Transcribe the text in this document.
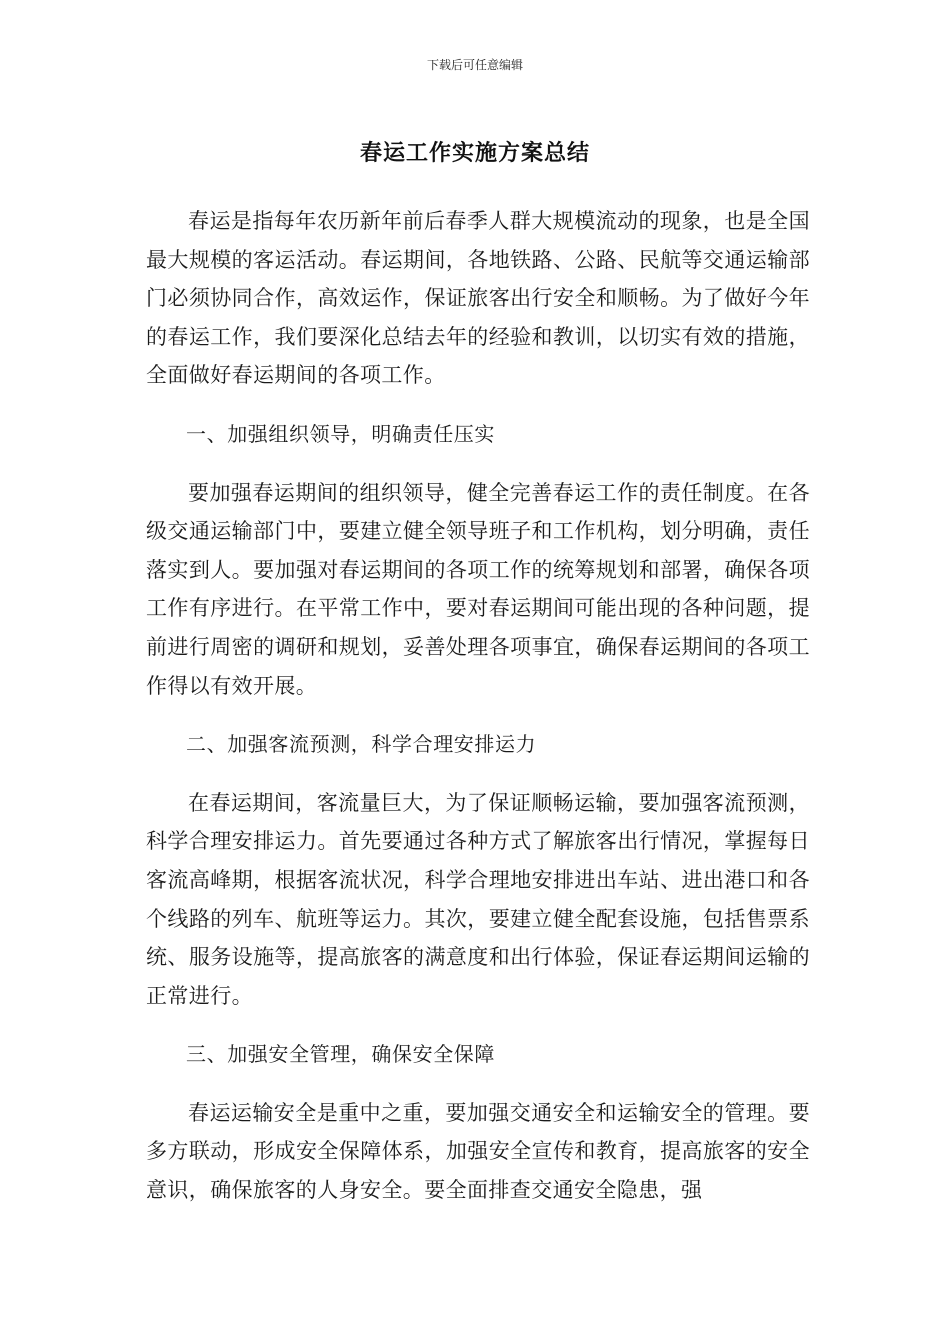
下载后可任意编辑
春运工作实施方案总结

春运是指每年农历新年前后春季人群大规模流动的现象，也是全国最大规模的客运活动。春运期间，各地铁路、公路、民航等交通运输部门必须协同合作，高效运作，保证旅客出行安全和顺畅。为了做好今年的春运工作，我们要深化总结去年的经验和教训，以切实有效的措施，全面做好春运期间的各项工作。

一、加强组织领导，明确责任压实

要加强春运期间的组织领导，健全完善春运工作的责任制度。在各级交通运输部门中，要建立健全领导班子和工作机构，划分明确，责任落实到人。要加强对春运期间的各项工作的统筹规划和部署，确保各项工作有序进行。在平常工作中，要对春运期间可能出现的各种问题，提前进行周密的调研和规划，妥善处理各项事宜，确保春运期间的各项工作得以有效开展。

二、加强客流预测，科学合理安排运力

在春运期间，客流量巨大，为了保证顺畅运输，要加强客流预测，科学合理安排运力。首先要通过各种方式了解旅客出行情况，掌握每日客流高峰期，根据客流状况，科学合理地安排进出车站、进出港口和各个线路的列车、航班等运力。其次，要建立健全配套设施，包括售票系统、服务设施等，提高旅客的满意度和出行体验，保证春运期间运输的正常进行。

三、加强安全管理，确保安全保障

春运运输安全是重中之重，要加强交通安全和运输安全的管理。要多方联动，形成安全保障体系，加强安全宣传和教育，提高旅客的安全意识，确保旅客的人身安全。要全面排查交通安全隐患，强
